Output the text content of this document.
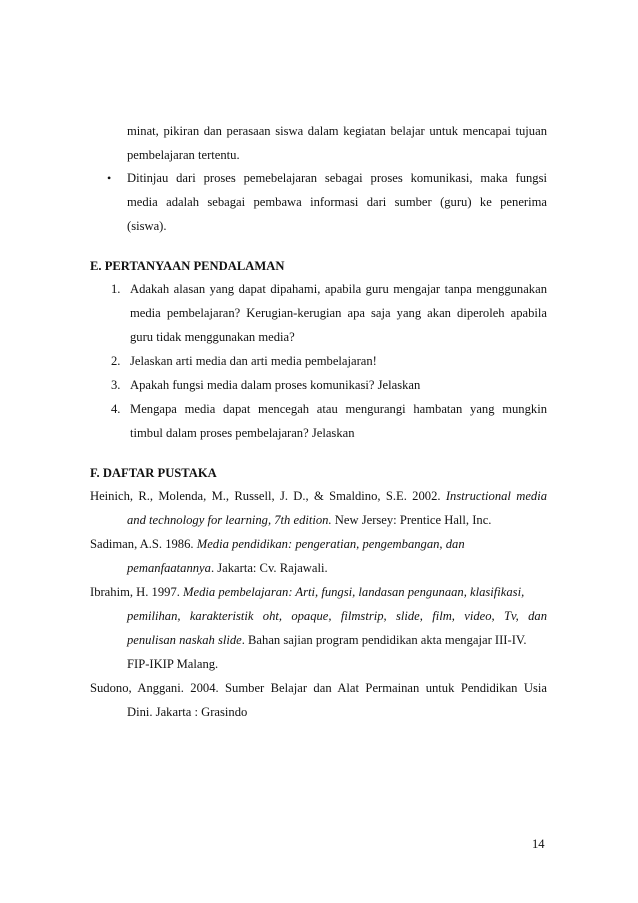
minat, pikiran dan perasaan siswa dalam kegiatan belajar untuk mencapai tujuan
pembelajaran tertentu.
• Ditinjau dari proses pemebelajaran sebagai proses komunikasi, maka fungsi
media adalah sebagai pembawa informasi dari sumber (guru) ke penerima
(siswa).
E. PERTANYAAN PENDALAMAN
1. Adakah alasan yang dapat dipahami, apabila guru mengajar tanpa menggunakan
media pembelajaran? Kerugian-kerugian apa saja yang akan diperoleh apabila
guru tidak menggunakan media?
2. Jelaskan arti media dan arti media pembelajaran!
3. Apakah fungsi media dalam proses komunikasi? Jelaskan
4. Mengapa media dapat mencegah atau mengurangi hambatan yang mungkin
timbul dalam proses pembelajaran? Jelaskan
F. DAFTAR PUSTAKA
Heinich, R., Molenda, M., Russell, J. D., & Smaldino, S.E. 2002. Instructional media
and technology for learning, 7th edition. New Jersey: Prentice Hall, Inc.
Sadiman, A.S. 1986. Media pendidikan: pengeratian, pengembangan, dan
pemanfaatannya. Jakarta: Cv. Rajawali.
Ibrahim, H. 1997. Media pembelajaran: Arti, fungsi, landasan pengunaan, klasifikasi,
pemilihan, karakteristik oht, opaque, filmstrip, slide, film, video, Tv, dan
penulisan naskah slide. Bahan sajian program pendidikan akta mengajar III-IV.
FIP-IKIP Malang.
Sudono, Anggani. 2004. Sumber Belajar dan Alat Permainan untuk Pendidikan Usia
Dini. Jakarta : Grasindo
14
